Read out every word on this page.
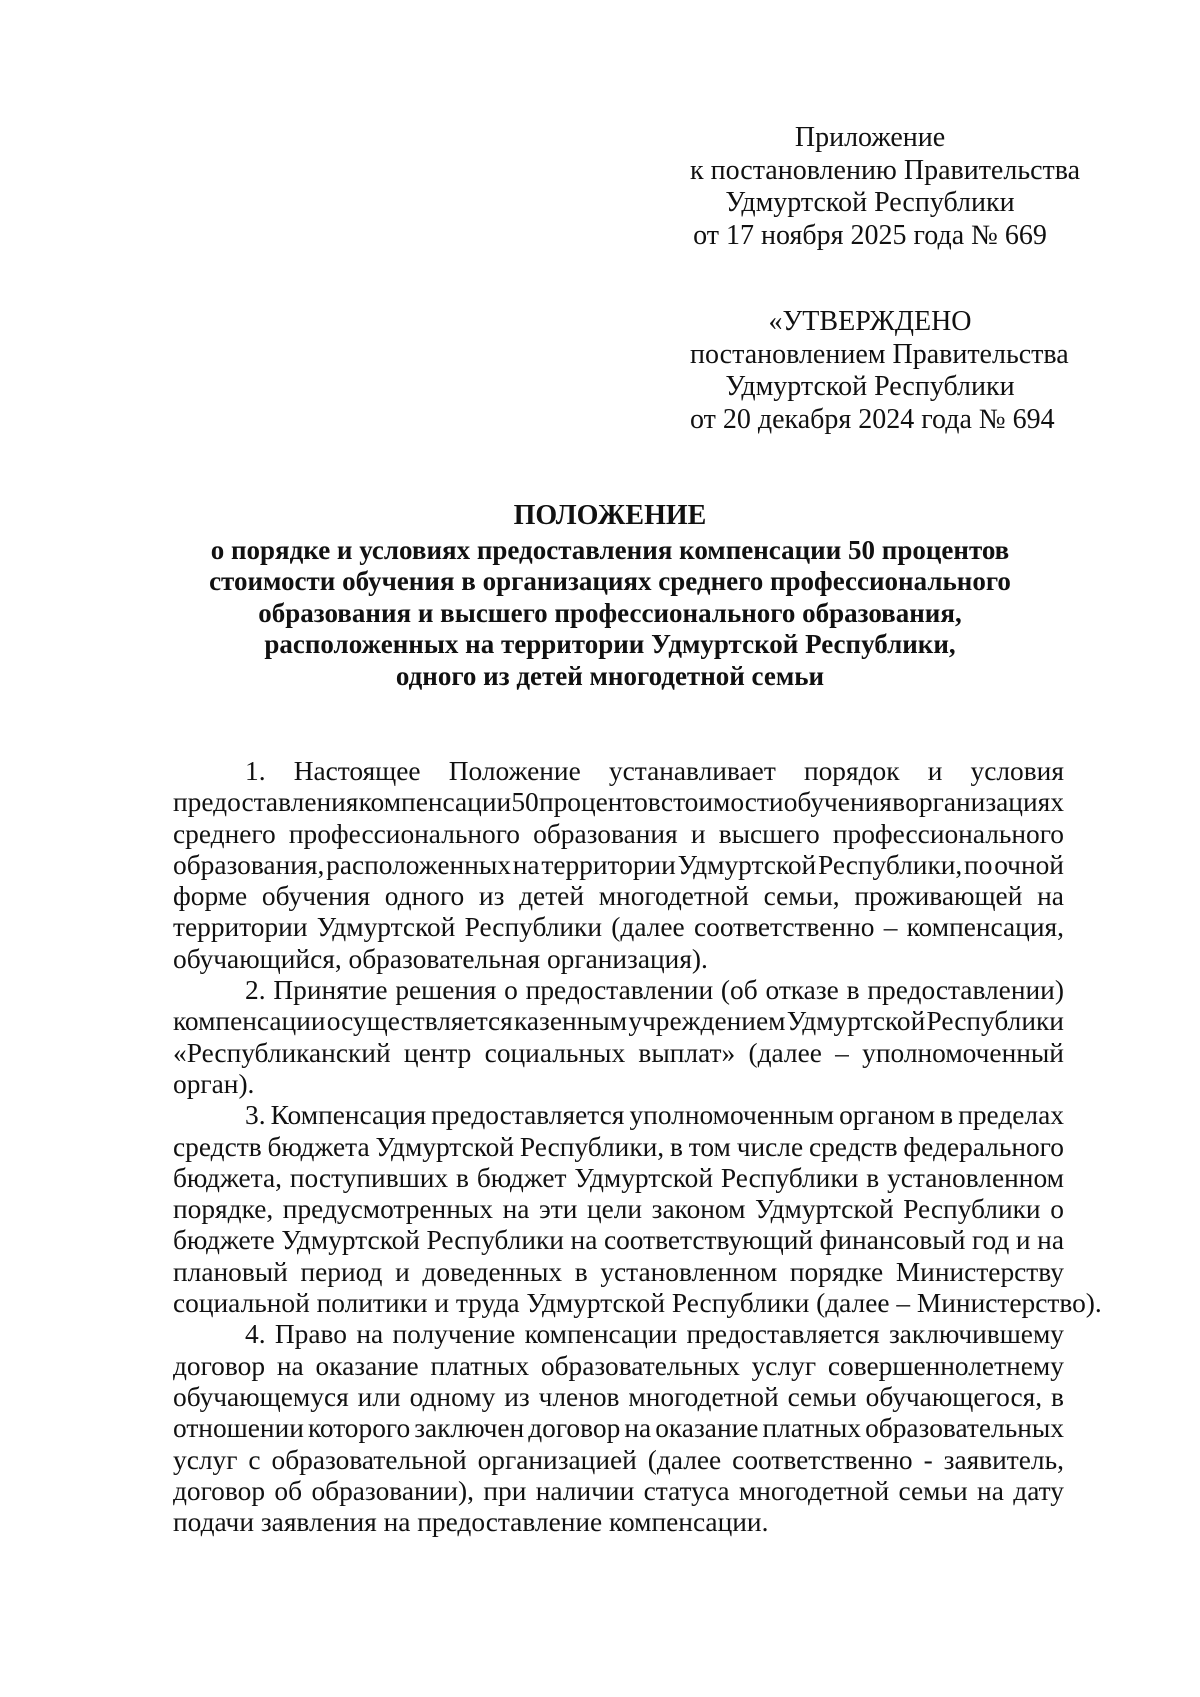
Приложение
к постановлению Правительства
Удмуртской Республики
от 17 ноября 2025 года № 669
«УТВЕРЖДЕНО
постановлением Правительства
Удмуртской Республики
от 20 декабря 2024 года № 694
ПОЛОЖЕНИЕ
о порядке и условиях предоставления компенсации 50 процентов
стоимости обучения в организациях среднего профессионального
образования и высшего профессионального образования,
расположенных на территории Удмуртской Республики,
одного из детей многодетной семьи
1. Настоящее Положение устанавливает порядок и условия
предоставления компенсации 50 процентов стоимости обучения в организациях
среднего профессионального образования и высшего профессионального
образования, расположенных на территории Удмуртской Республики, по очной
форме обучения одного из детей многодетной семьи, проживающей на
территории Удмуртской Республики (далее соответственно – компенсация,
обучающийся, образовательная организация).
2. Принятие решения о предоставлении (об отказе в предоставлении)
компенсации осуществляется казенным учреждением Удмуртской Республики
«Республиканский центр социальных выплат» (далее – уполномоченный
орган).
3. Компенсация предоставляется уполномоченным органом в пределах
средств бюджета Удмуртской Республики, в том числе средств федерального
бюджета, поступивших в бюджет Удмуртской Республики в установленном
порядке, предусмотренных на эти цели законом Удмуртской Республики о
бюджете Удмуртской Республики на соответствующий финансовый год и на
плановый период и доведенных в установленном порядке Министерству
социальной политики и труда Удмуртской Республики (далее – Министерство).
4. Право на получение компенсации предоставляется заключившему
договор на оказание платных образовательных услуг совершеннолетнему
обучающемуся или одному из членов многодетной семьи обучающегося, в
отношении которого заключен договор на оказание платных образовательных
услуг с образовательной организацией (далее соответственно - заявитель,
договор об образовании), при наличии статуса многодетной семьи на дату
подачи заявления на предоставление компенсации.
